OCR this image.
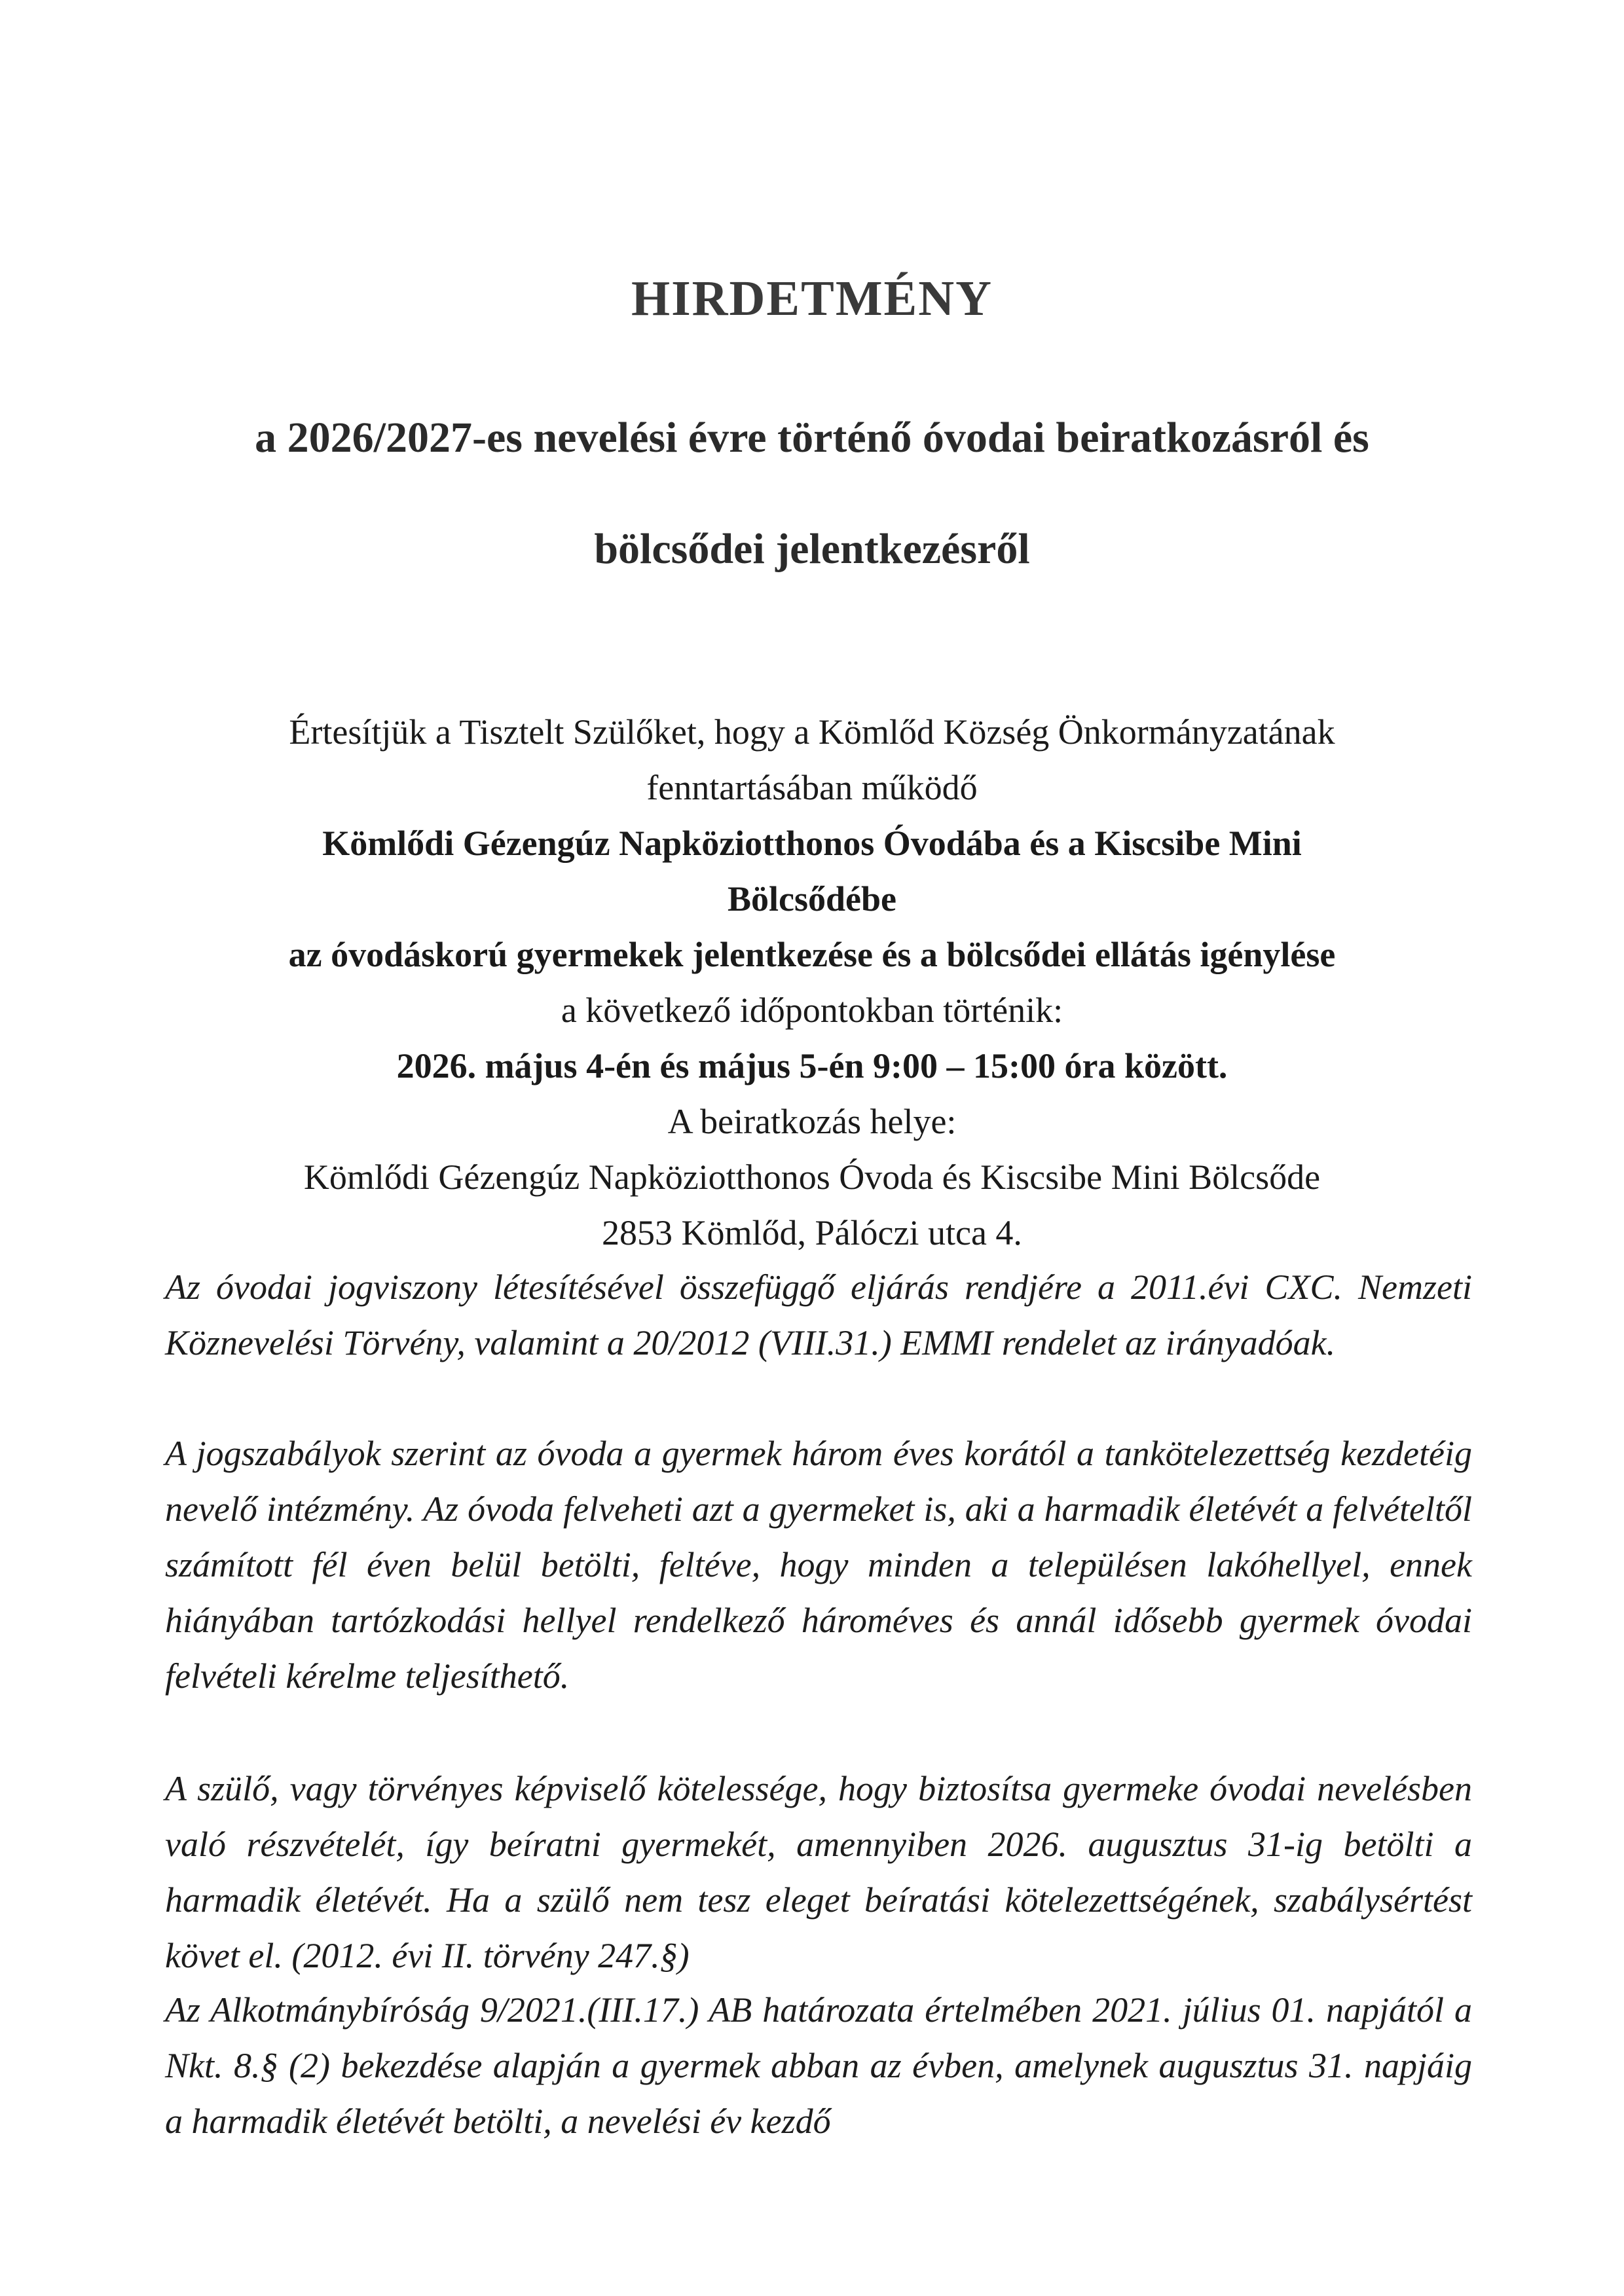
HIRDETMÉNY
a 2026/2027-es nevelési évre történő óvodai beiratkozásról és
bölcsődei jelentkezésről
Értesítjük a Tisztelt Szülőket, hogy a Kömlőd Község Önkormányzatának
fenntartásában működő
Kömlődi Gézengúz Napköziotthonos Óvodába és a Kiscsibe Mini
Bölcsődébe
az óvodáskorú gyermekek jelentkezése és a bölcsődei ellátás igénylése
a következő időpontokban történik:
2026. május 4-én és május 5-én 9:00 – 15:00 óra között.
A beiratkozás helye:
Kömlődi Gézengúz Napköziotthonos Óvoda és Kiscsibe Mini Bölcsőde
2853 Kömlőd, Pálóczi utca 4.

Az óvodai jogviszony létesítésével összefüggő eljárás rendjére a 2011.évi CXC. Nemzeti Köznevelési Törvény, valamint a 20/2012 (VIII.31.) EMMI rendelet az irányadóak.

A jogszabályok szerint az óvoda a gyermek három éves korától a tankötelezettség kezdetéig nevelő intézmény. Az óvoda felveheti azt a gyermeket is, aki a harmadik életévét a felvételtől számított fél éven belül betölti, feltéve, hogy minden a településen lakóhellyel, ennek hiányában tartózkodási hellyel rendelkező hároméves és annál idősebb gyermek óvodai felvételi kérelme teljesíthető.

A szülő, vagy törvényes képviselő kötelessége, hogy biztosítsa gyermeke óvodai nevelésben való részvételét, így beíratni gyermekét, amennyiben 2026. augusztus 31-ig betölti a harmadik életévét. Ha a szülő nem tesz eleget beíratási kötelezettségének, szabálysértést követ el. (2012. évi II. törvény 247.§)

Az Alkotmánybíróság 9/2021.(III.17.) AB határozata értelmében 2021. július 01. napjától a Nkt. 8.§ (2) bekezdése alapján a gyermek abban az évben, amelynek augusztus 31. napjáig a harmadik életévét betölti, a nevelési év kezdő
